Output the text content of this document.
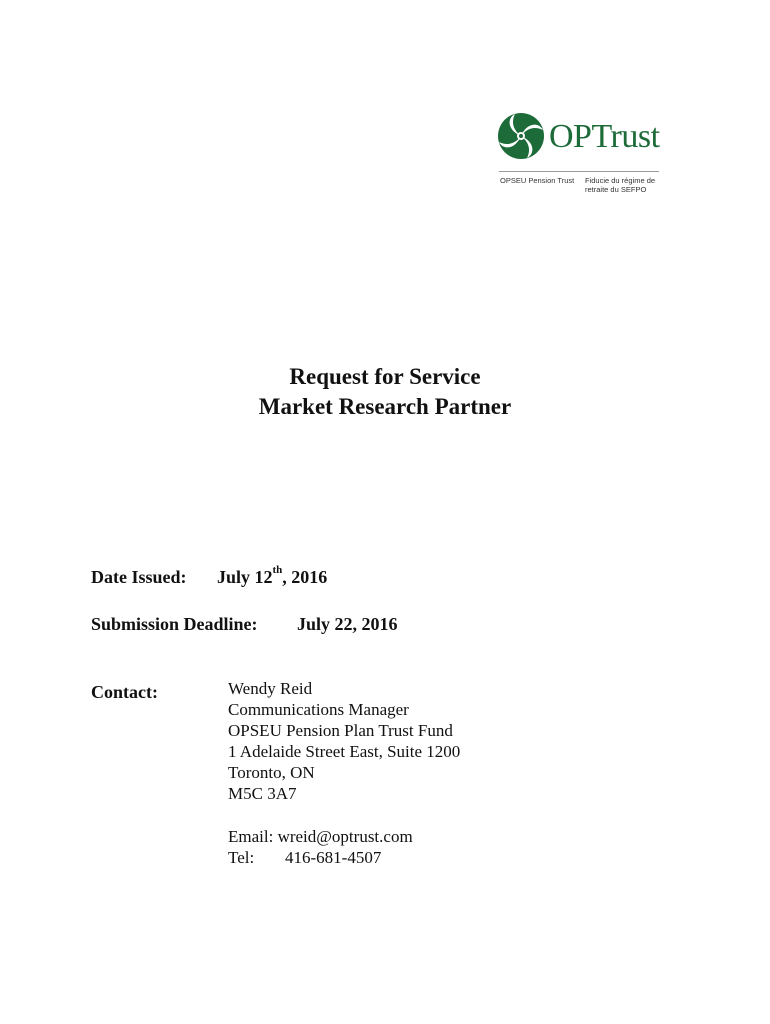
OPTrust
OPSEU Pension Trust Fiducie du régime de retraite du SEFPO
Request for Service
Market Research Partner
Date Issued: July 12th, 2016
Submission Deadline: July 22, 2016
Contact:	Wendy Reid
Communications Manager
OPSEU Pension Plan Trust Fund
1 Adelaide Street East, Suite 1200
Toronto, ON
M5C 3A7
Email: wreid@optrust.com
Tel: 416-681-4507
